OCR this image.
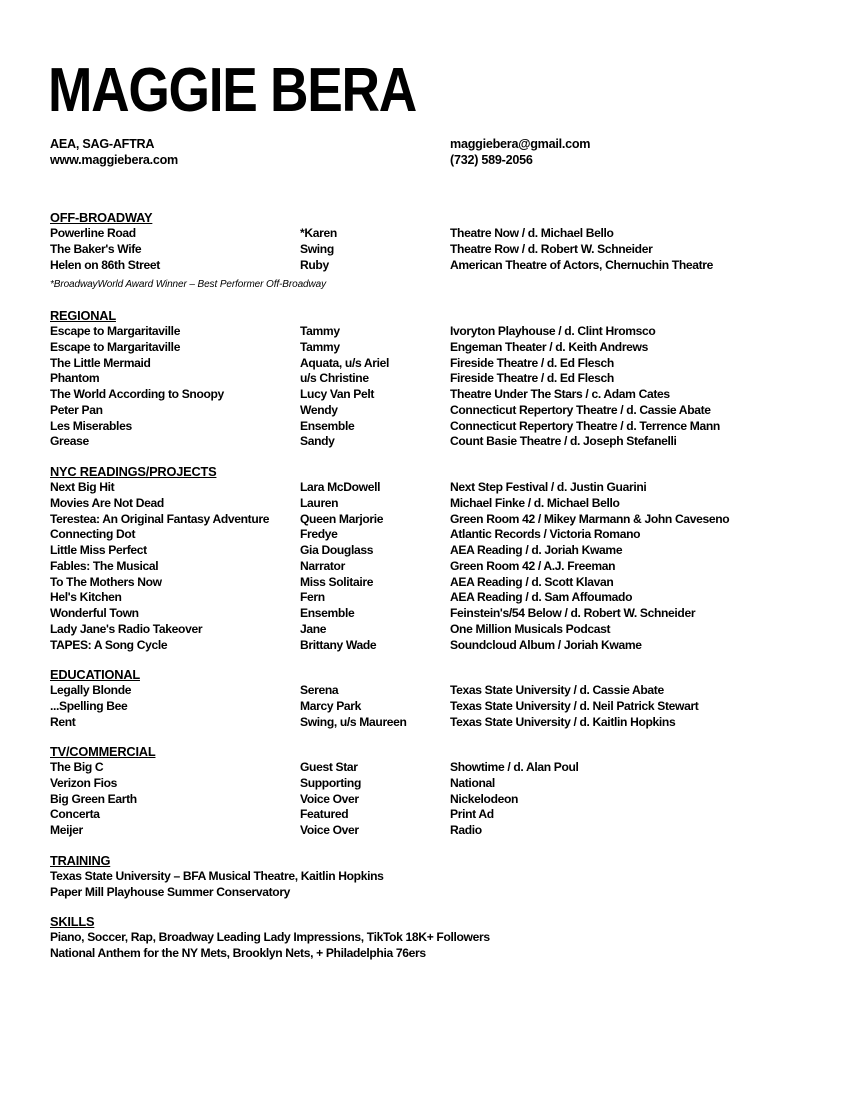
MAGGIE BERA
AEA, SAG-AFTRA
www.maggiebera.com
maggiebera@gmail.com
(732) 589-2056
OFF-BROADWAY
Powerline Road	*Karen	Theatre Now / d. Michael Bello
The Baker's Wife	Swing	Theatre Row / d. Robert W. Schneider
Helen on 86th Street	Ruby	American Theatre of Actors, Chernuchin Theatre
*BroadwayWorld Award Winner – Best Performer Off-Broadway
REGIONAL
Escape to Margaritaville	Tammy	Ivoryton Playhouse / d. Clint Hromsco
Escape to Margaritaville	Tammy	Engeman Theater / d. Keith Andrews
The Little Mermaid	Aquata, u/s Ariel	Fireside Theatre / d. Ed Flesch
Phantom	u/s Christine	Fireside Theatre / d. Ed Flesch
The World According to Snoopy	Lucy Van Pelt	Theatre Under The Stars / c. Adam Cates
Peter Pan	Wendy	Connecticut Repertory Theatre / d. Cassie Abate
Les Miserables	Ensemble	Connecticut Repertory Theatre / d. Terrence Mann
Grease	Sandy	Count Basie Theatre / d. Joseph Stefanelli
NYC READINGS/PROJECTS
Next Big Hit	Lara McDowell	Next Step Festival / d. Justin Guarini
Movies Are Not Dead	Lauren	Michael Finke / d. Michael Bello
Terestea: An Original Fantasy Adventure	Queen Marjorie	Green Room 42 / Mikey Marmann & John Caveseno
Connecting Dot	Fredye	Atlantic Records / Victoria Romano
Little Miss Perfect	Gia Douglass	AEA Reading / d. Joriah Kwame
Fables: The Musical	Narrator	Green Room 42 / A.J. Freeman
To The Mothers Now	Miss Solitaire	AEA Reading / d. Scott Klavan
Hel's Kitchen	Fern	AEA Reading / d. Sam Affoumado
Wonderful Town	Ensemble	Feinstein's/54 Below / d. Robert W. Schneider
Lady Jane's Radio Takeover	Jane	One Million Musicals Podcast
TAPES: A Song Cycle	Brittany Wade	Soundcloud Album / Joriah Kwame
EDUCATIONAL
Legally Blonde	Serena	Texas State University / d. Cassie Abate
...Spelling Bee	Marcy Park	Texas State University / d. Neil Patrick Stewart
Rent	Swing, u/s Maureen	Texas State University / d. Kaitlin Hopkins
TV/COMMERCIAL
The Big C	Guest Star	Showtime / d. Alan Poul
Verizon Fios	Supporting	National
Big Green Earth	Voice Over	Nickelodeon
Concerta	Featured	Print Ad
Meijer	Voice Over	Radio
TRAINING
Texas State University – BFA Musical Theatre, Kaitlin Hopkins
Paper Mill Playhouse Summer Conservatory
SKILLS
Piano, Soccer, Rap, Broadway Leading Lady Impressions, TikTok 18K+ Followers
National Anthem for the NY Mets, Brooklyn Nets, + Philadelphia 76ers
